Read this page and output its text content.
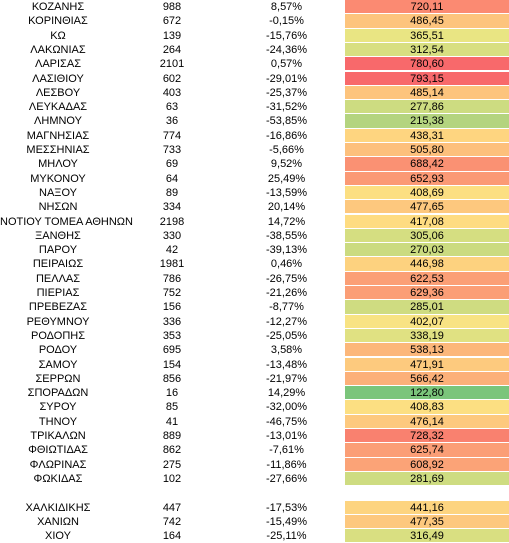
ΚΟΖΑΝΗΣ	988	8,57%	720,11
ΚΟΡΙΝΘΙΑΣ	672	-0,15%	486,45
ΚΩ	139	-15,76%	365,51
ΛΑΚΩΝΙΑΣ	264	-24,36%	312,54
ΛΑΡΙΣΑΣ	2101	0,57%	780,60
ΛΑΣΙΘΙΟΥ	602	-29,01%	793,15
ΛΕΣΒΟΥ	403	-25,37%	485,14
ΛΕΥΚΑΔΑΣ	63	-31,52%	277,86
ΛΗΜΝΟΥ	36	-53,85%	215,38
ΜΑΓΝΗΣΙΑΣ	774	-16,86%	438,31
ΜΕΣΣΗΝΙΑΣ	733	-5,66%	505,80
ΜΗΛΟΥ	69	9,52%	688,42
ΜΥΚΟΝΟΥ	64	25,49%	652,93
ΝΑΞΟΥ	89	-13,59%	408,69
ΝΗΣΩΝ	334	20,14%	477,65
ΝΟΤΙΟΥ ΤΟΜΕΑ ΑΘΗΝΩΝ	2198	14,72%	417,08
ΞΑΝΘΗΣ	330	-38,55%	305,06
ΠΑΡΟΥ	42	-39,13%	270,03
ΠΕΙΡΑΙΩΣ	1981	0,46%	446,98
ΠΕΛΛΑΣ	786	-26,75%	622,53
ΠΙΕΡΙΑΣ	752	-21,26%	629,36
ΠΡΕΒΕΖΑΣ	156	-8,77%	285,01
ΡΕΘΥΜΝΟΥ	336	-12,27%	402,07
ΡΟΔΟΠΗΣ	353	-25,05%	338,19
ΡΟΔΟΥ	695	3,58%	538,13
ΣΑΜΟΥ	154	-13,48%	471,91
ΣΕΡΡΩΝ	856	-21,97%	566,42
ΣΠΟΡΑΔΩΝ	16	14,29%	122,80
ΣΥΡΟΥ	85	-32,00%	408,83
ΤΗΝΟΥ	41	-46,75%	476,14
ΤΡΙΚΑΛΩΝ	889	-13,01%	728,32
ΦΘΙΩΤΙΔΑΣ	862	-7,61%	625,74
ΦΛΩΡΙΝΑΣ	275	-11,86%	608,92
ΦΩΚΙΔΑΣ	102	-27,66%	281,69
ΧΑΛΚΙΔΙΚΗΣ	447	-17,53%	441,16
ΧΑΝΙΩΝ	742	-15,49%	477,35
ΧΙΟΥ	164	-25,11%	316,49
